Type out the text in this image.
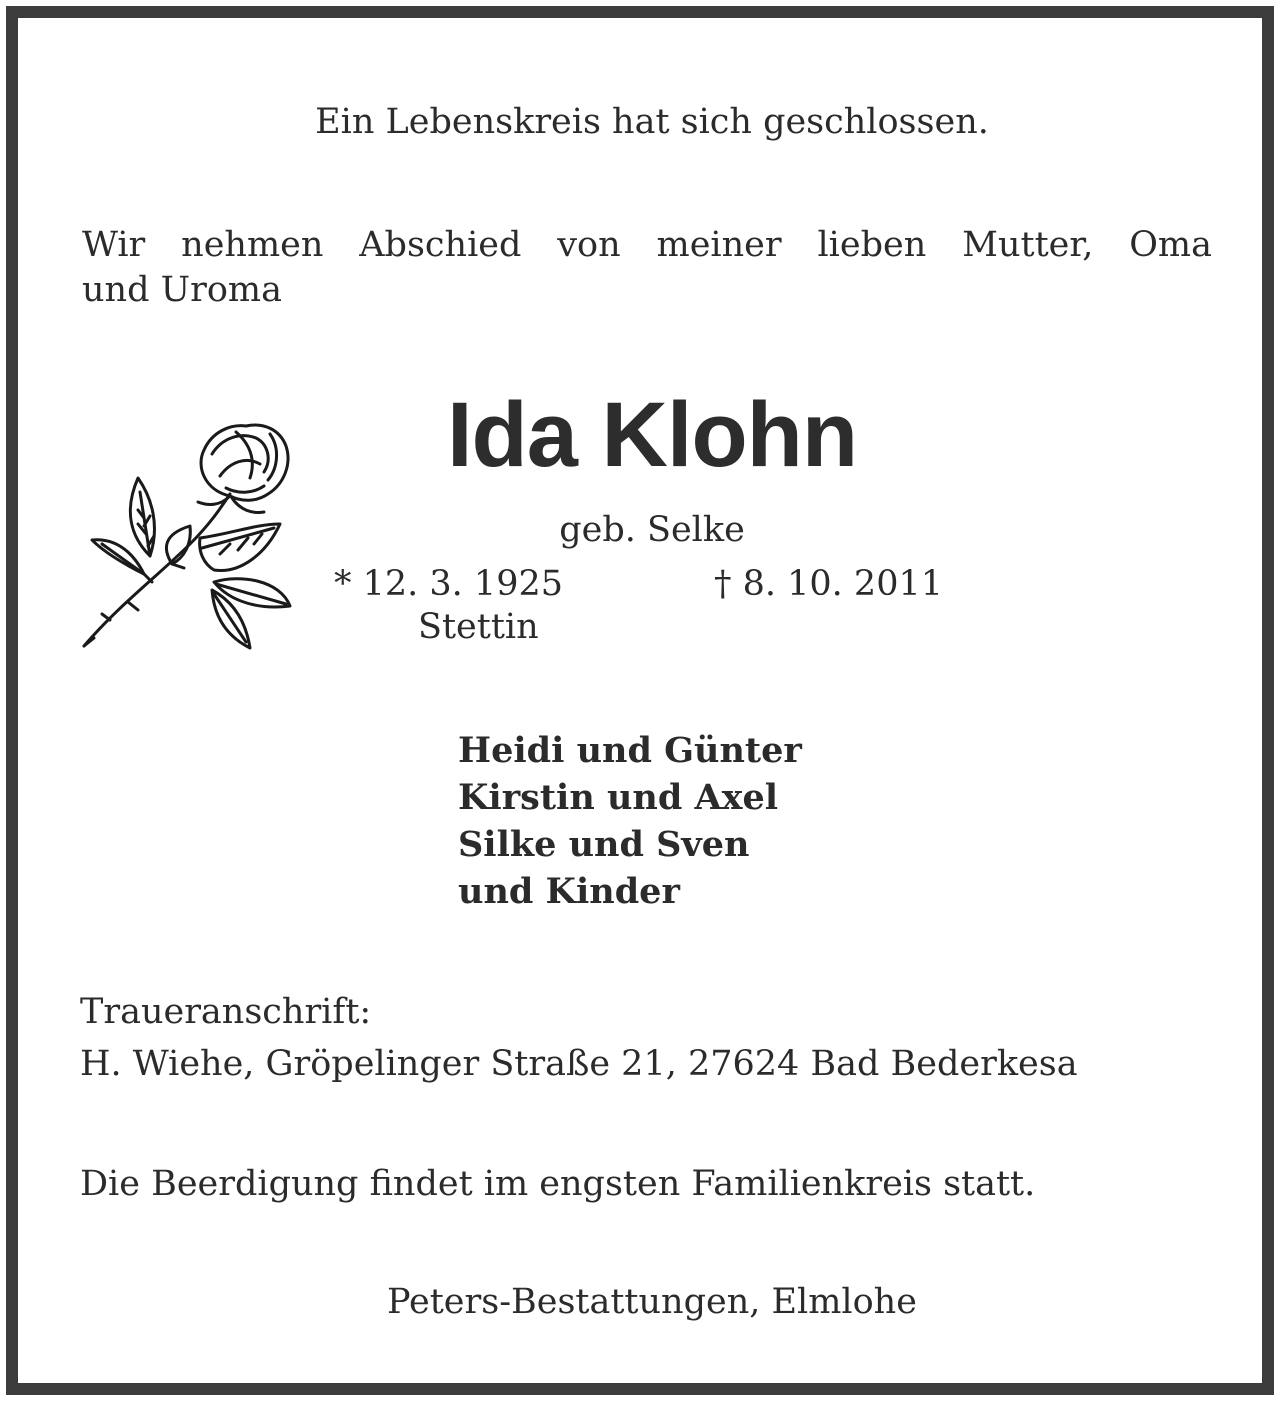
Ein Lebenskreis hat sich geschlossen.

Wir nehmen Abschied von meiner lieben Mutter, Oma

und Uroma

Ida Klohn

geb. Selke

* 12. 3. 1925	† 8. 10. 2011

Stettin

Heidi und Günter
Kirstin und Axel
Silke und Sven
und Kinder

Traueranschrift:

H. Wiehe, Gröpelinger Straße 21, 27624 Bad Bederkesa

Die Beerdigung findet im engsten Familienkreis statt.

Peters-Bestattungen, Elmlohe
